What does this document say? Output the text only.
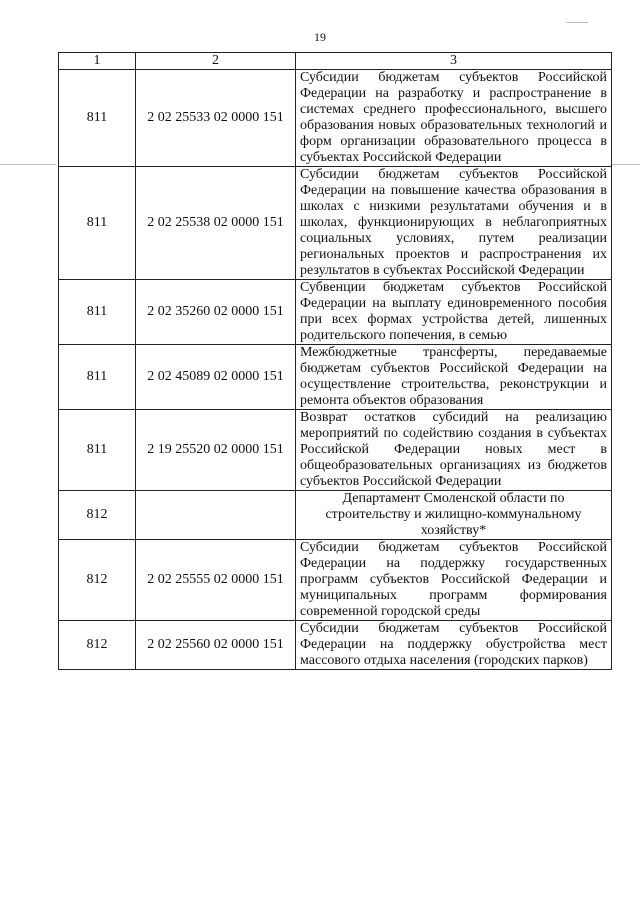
19
1	2	3
811	2 02 25533 02 0000 151	Субсидии бюджетам субъектов Российской Федерации на разработку и распространение в системах среднего профессионального, высшего образования новых образовательных технологий и форм организации образовательного процесса в субъектах Российской Федерации
811	2 02 25538 02 0000 151	Субсидии бюджетам субъектов Российской Федерации на повышение качества образования в школах с низкими результатами обучения и в школах, функционирующих в неблагоприятных социальных условиях, путем реализации региональных проектов и распространения их результатов в субъектах Российской Федерации
811	2 02 35260 02 0000 151	Субвенции бюджетам субъектов Российской Федерации на выплату единовременного пособия при всех формах устройства детей, лишенных родительского попечения, в семью
811	2 02 45089 02 0000 151	Межбюджетные трансферты, передаваемые бюджетам субъектов Российской Федерации на осуществление строительства, реконструкции и ремонта объектов образования
811	2 19 25520 02 0000 151	Возврат остатков субсидий на реализацию мероприятий по содействию создания в субъектах Российской Федерации новых мест в общеобразовательных организациях из бюджетов субъектов Российской Федерации
812		Департамент Смоленской области по строительству и жилищно-коммунальному хозяйству*
812	2 02 25555 02 0000 151	Субсидии бюджетам субъектов Российской Федерации на поддержку государственных программ субъектов Российской Федерации и муниципальных программ формирования современной городской среды
812	2 02 25560 02 0000 151	Субсидии бюджетам субъектов Российской Федерации на поддержку обустройства мест массового отдыха населения (городских парков)
